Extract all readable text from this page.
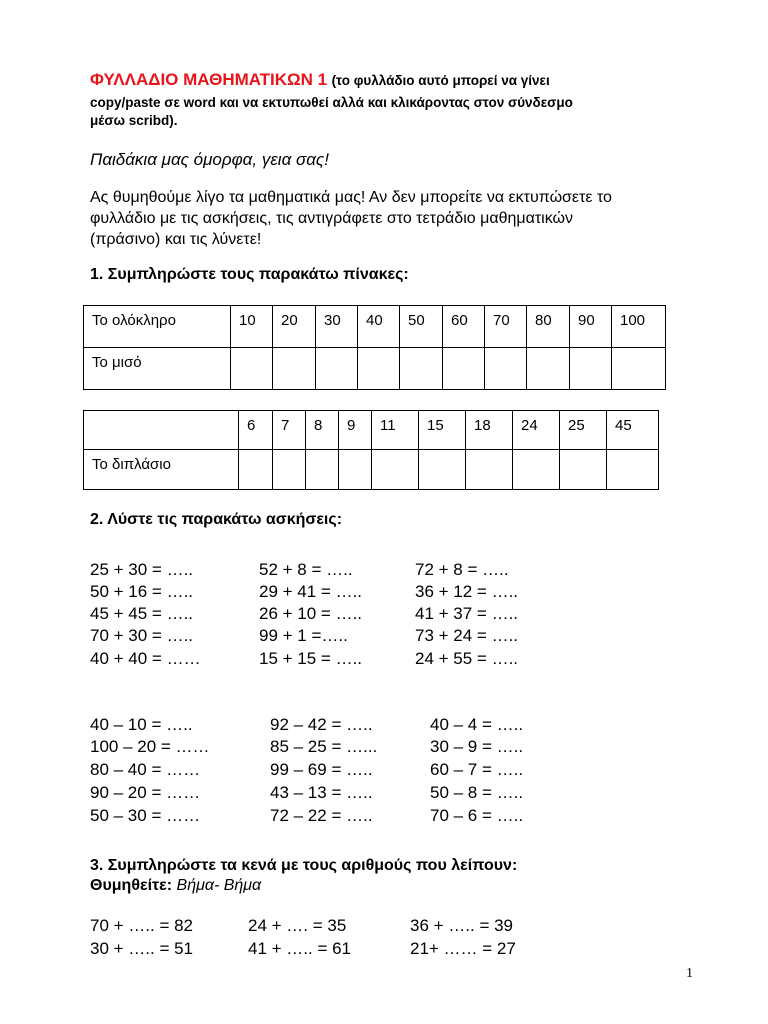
ΦΥΛΛΑΔΙΟ ΜΑΘΗΜΑΤΙΚΩΝ 1 (το φυλλάδιο αυτό μπορεί να γίνει
copy/paste σε word και να εκτυπωθεί αλλά και κλικάροντας στον σύνδεσμο
μέσω scribd).
Παιδάκια μας όμορφα, γεια σας!
Ας θυμηθούμε λίγο τα μαθηματικά μας! Αν δεν μπορείτε να εκτυπώσετε το
φυλλάδιο με τις ασκήσεις, τις αντιγράφετε στο τετράδιο μαθηματικών
(πράσινο) και τις λύνετε!
1. Συμπληρώστε τους παρακάτω πίνακες:
Το ολόκληρο	10	20	30	40	50	60	70	80	90	100
Το μισό										
	6	7	8	9	11	15	18	24	25	45
Το διπλάσιο										
2. Λύστε τις παρακάτω ασκήσεις:
25 + 30 = …..	52 + 8 = …..	72 + 8 = …..
50 + 16 = …..	29 + 41 = …..	36 + 12 = …..
45 + 45 = …..	26 + 10 = …..	41 + 37 = …..
70 + 30 = …..	99 + 1 =…..	73 + 24 = …..
40 + 40 = ……	15 + 15 = …..	24 + 55 = …..
40 – 10 = …..	92 – 42 = …..	40 – 4 = …..
100 – 20 = ……	85 – 25 = …...	30 – 9 = …..
80 – 40 = ……	99 – 69 = …..	60 – 7 = …..
90 – 20 = ……	43 – 13 = …..	50 – 8 = …..
50 – 30 = ……	72 – 22 = …..	70 – 6 = …..
3. Συμπληρώστε τα κενά με τους αριθμούς που λείπουν:
Θυμηθείτε: Βήμα- Βήμα
70 + ….. = 82	24 + …. = 35	36 + ….. = 39
30 + ….. = 51	41 + ….. = 61	21+ …… = 27
1
